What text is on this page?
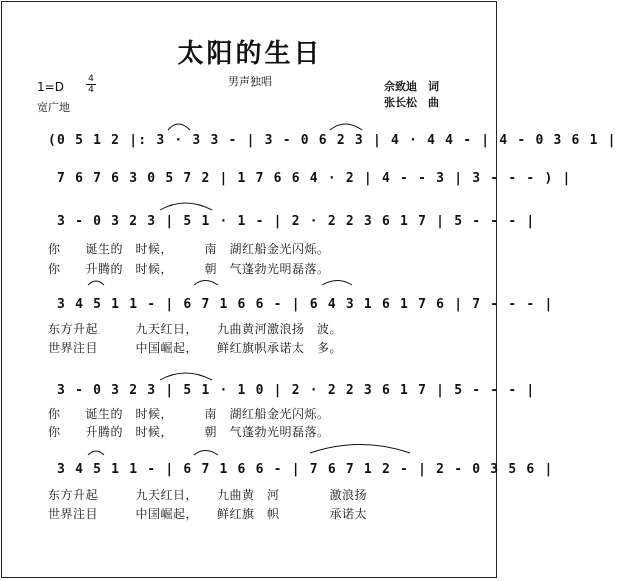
太阳的生日
男声独唱
1=D
4
4
宽广地
佘致迪　词
张长松　曲
(0 5 1 2 |: 3 · 3 3 - | 3 - 0 6 2 3 | 4 · 4 4 - | 4 - 0 3 6 1 |
7 6 7 6 3 0 5 7 2 | 1 7 6 6 4 · 2 | 4 - - 3 | 3 - - - ) |
3 - 0 3 2 3 | 5 1 · 1 - | 2 · 2 2 3 6 1 7 | 5 - - - |
你　　诞生的　时候，　　　南　湖红船金光闪烁。
你　　升腾的　时候，　　　朝　气蓬勃光明磊落。
3 4 5 1 1 - | 6 7 1 6 6 - | 6 4 3 1 6 1 7 6 | 7 - - - |
东方升起　　　九天红日，　　九曲黄河激浪扬　波。
世界注目　　　中国崛起，　　鲜红旗帜承诺太　多。
3 - 0 3 2 3 | 5 1 · 1 0 | 2 · 2 2 3 6 1 7 | 5 - - - |
你　　诞生的　时候，　　　南　湖红船金光闪烁。
你　　升腾的　时候，　　　朝　气蓬勃光明磊落。
3 4 5 1 1 - | 6 7 1 6 6 - | 7 6 7 1 2 - | 2 - 0 3 5 6 |
东方升起　　　九天红日，　　九曲黄　河　　　　激浪扬
世界注目　　　中国崛起，　　鲜红旗　帜　　　　承诺太
